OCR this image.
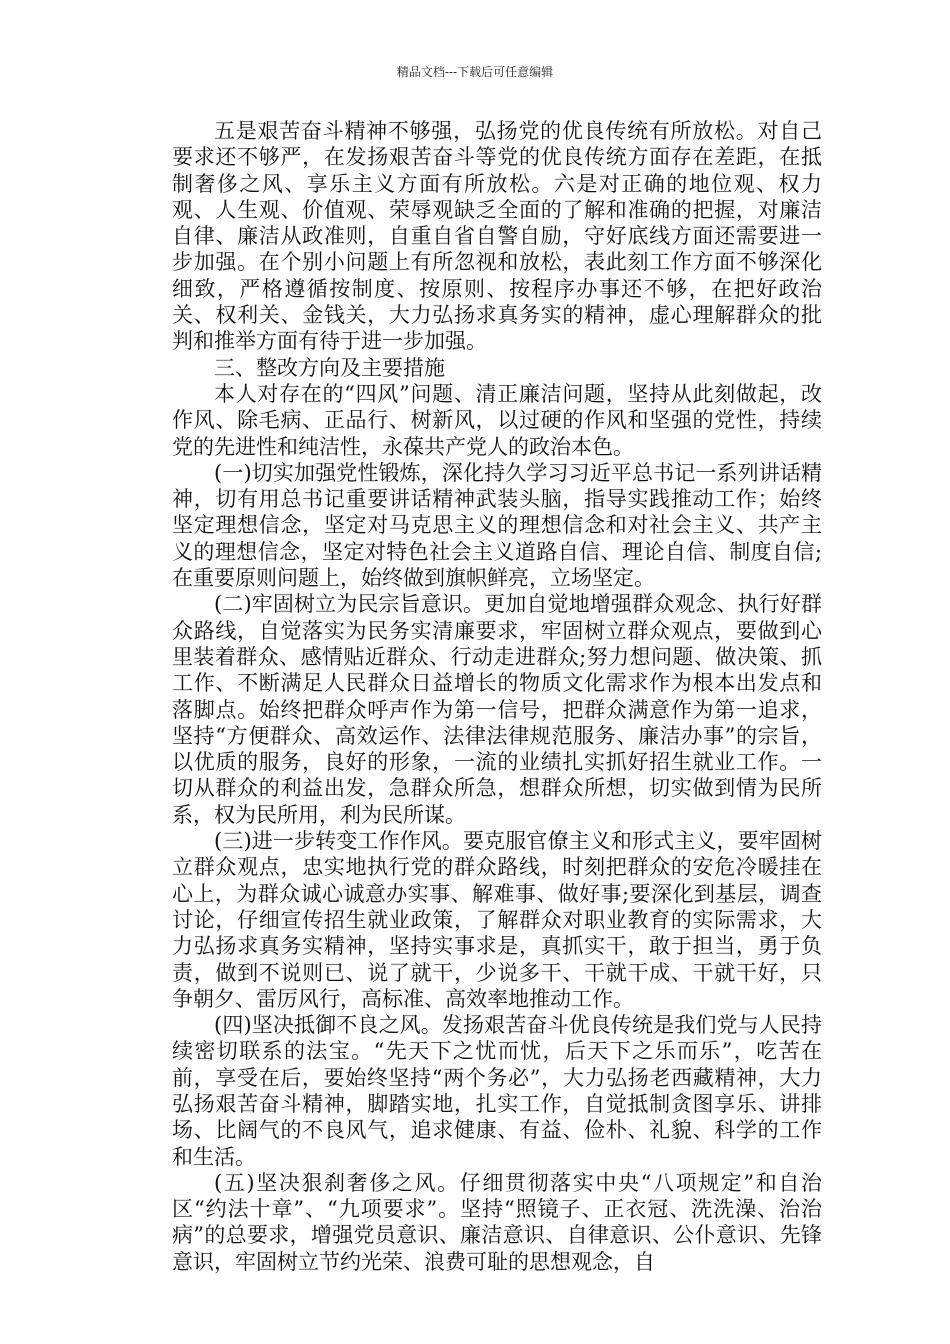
精品文档---下载后可任意编辑

五是艰苦奋斗精神不够强，弘扬党的优良传统有所放松。对自己要求还不够严，在发扬艰苦奋斗等党的优良传统方面存在差距，在抵制奢侈之风、享乐主义方面有所放松。六是对正确的地位观、权力观、人生观、价值观、荣辱观缺乏全面的了解和准确的把握，对廉洁自律、廉洁从政准则，自重自省自警自励，守好底线方面还需要进一步加强。在个别小问题上有所忽视和放松，表此刻工作方面不够深化细致，严格遵循按制度、按原则、按程序办事还不够，在把好政治关、权利关、金钱关，大力弘扬求真务实的精神，虚心理解群众的批判和推举方面有待于进一步加强。

三、整改方向及主要措施

本人对存在的“四风”问题、清正廉洁问题，坚持从此刻做起，改作风、除毛病、正品行、树新风，以过硬的作风和坚强的党性，持续党的先进性和纯洁性，永葆共产党人的政治本色。

(一)切实加强党性锻炼，深化持久学习习近平总书记一系列讲话精神，切有用总书记重要讲话精神武装头脑，指导实践推动工作；始终坚定理想信念，坚定对马克思主义的理想信念和对社会主义、共产主义的理想信念，坚定对特色社会主义道路自信、理论自信、制度自信;在重要原则问题上，始终做到旗帜鲜亮，立场坚定。

(二)牢固树立为民宗旨意识。更加自觉地增强群众观念、执行好群众路线，自觉落实为民务实清廉要求，牢固树立群众观点，要做到心里装着群众、感情贴近群众、行动走进群众;努力想问题、做决策、抓工作、不断满足人民群众日益增长的物质文化需求作为根本出发点和落脚点。始终把群众呼声作为第一信号，把群众满意作为第一追求，坚持“方便群众、高效运作、法律法律规范服务、廉洁办事”的宗旨，以优质的服务，良好的形象，一流的业绩扎实抓好招生就业工作。一切从群众的利益出发，急群众所急，想群众所想，切实做到情为民所系，权为民所用，利为民所谋。

(三)进一步转变工作作风。要克服官僚主义和形式主义，要牢固树立群众观点，忠实地执行党的群众路线，时刻把群众的安危冷暖挂在心上，为群众诚心诚意办实事、解难事、做好事;要深化到基层，调查讨论，仔细宣传招生就业政策，了解群众对职业教育的实际需求，大力弘扬求真务实精神，坚持实事求是，真抓实干，敢于担当，勇于负责，做到不说则已、说了就干，少说多干、干就干成、干就干好，只争朝夕、雷厉风行，高标准、高效率地推动工作。

(四)坚决抵御不良之风。发扬艰苦奋斗优良传统是我们党与人民持续密切联系的法宝。“先天下之忧而忧，后天下之乐而乐”，吃苦在前，享受在后，要始终坚持“两个务必”，大力弘扬老西藏精神，大力弘扬艰苦奋斗精神，脚踏实地，扎实工作，自觉抵制贪图享乐、讲排场、比阔气的不良风气，追求健康、有益、俭朴、礼貌、科学的工作和生活。

(五)坚决狠刹奢侈之风。仔细贯彻落实中央“八项规定”和自治区“约法十章”、“九项要求”。坚持“照镜子、正衣冠、洗洗澡、治治病”的总要求，增强党员意识、廉洁意识、自律意识、公仆意识、先锋意识，牢固树立节约光荣、浪费可耻的思想观念，自
